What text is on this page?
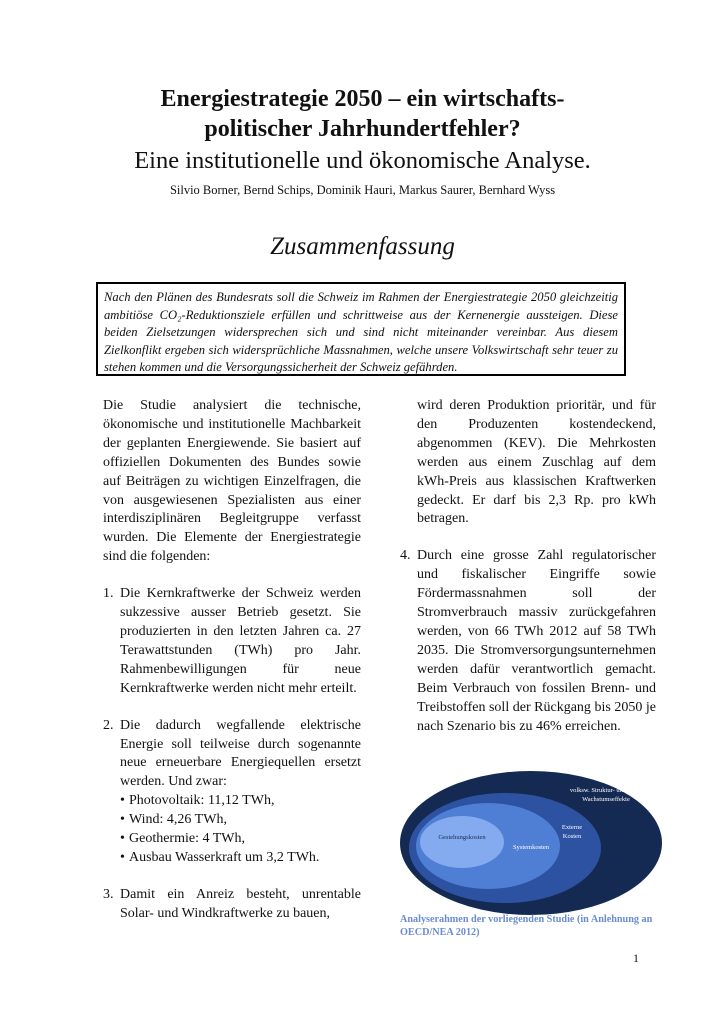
Energiestrategie 2050 – ein wirtschafts-
politischer Jahrhundertfehler?
Eine institutionelle und ökonomische Analyse.
Silvio Borner, Bernd Schips, Dominik Hauri, Markus Saurer, Bernhard Wyss
Zusammenfassung
Nach den Plänen des Bundesrats soll die Schweiz im Rahmen der Energiestrategie 2050 gleichzeitig ambitiöse CO₂-Reduktionsziele erfüllen und schrittweise aus der Kernenergie aussteigen. Diese beiden Zielsetzungen widersprechen sich und sind nicht miteinander vereinbar. Aus diesem Zielkonflikt ergeben sich widersprüchliche Massnahmen, welche unsere Volkswirtschaft sehr teuer zu stehen kommen und die Versorgungssicherheit der Schweiz gefährden.

Die Studie analysiert die technische, ökonomische und institutionelle Machbarkeit der geplanten Energiewende. Sie basiert auf offiziellen Dokumenten des Bundes sowie auf Beiträgen zu wichtigen Einzelfragen, die von ausgewiesenen Spezialisten aus einer interdisziplinären Begleitgruppe verfasst wurden. Die Elemente der Energiestrategie sind die folgenden:

1. Die Kernkraftwerke der Schweiz werden sukzessive ausser Betrieb gesetzt. Sie produzierten in den letzten Jahren ca. 27 Terawattstunden (TWh) pro Jahr. Rahmenbewilligungen für neue Kernkraftwerke werden nicht mehr erteilt.

2. Die dadurch wegfallende elektrische Energie soll teilweise durch sogenannte neue erneuerbare Energiequellen ersetzt werden. Und zwar:

• Photovoltaik: 11,12 TWh,
• Wind: 4,26 TWh,
• Geothermie: 4 TWh,
• Ausbau Wasserkraft um 3,2 TWh.
3. Damit ein Anreiz besteht, unrentable Solar- und Windkraftwerke zu bauen,

wird deren Produktion prioritär, und für den Produzenten kostendeckend, abgenommen (KEV). Die Mehrkosten werden aus einem Zuschlag auf dem kWh-Preis aus klassischen Kraftwerken gedeckt. Er darf bis 2,3 Rp. pro kWh betragen.

4. Durch eine grosse Zahl regulatorischer und fiskalischer Eingriffe sowie Fördermassnahmen soll der Stromverbrauch massiv zurückgefahren werden, von 66 TWh 2012 auf 58 TWh 2035. Die Stromversorgungsunternehmen werden dafür verantwortlich gemacht. Beim Verbrauch von fossilen Brenn- und Treibstoffen soll der Rückgang bis 2050 je nach Szenario bis zu 46% erreichen.

volksw. Struktur- und
Wachstumseffekte
Externe
Kosten
Systemkosten
Gestehungskosten
Analyserahmen der vorliegenden Studie (in Anlehnung an OECD/NEA 2012)
1
